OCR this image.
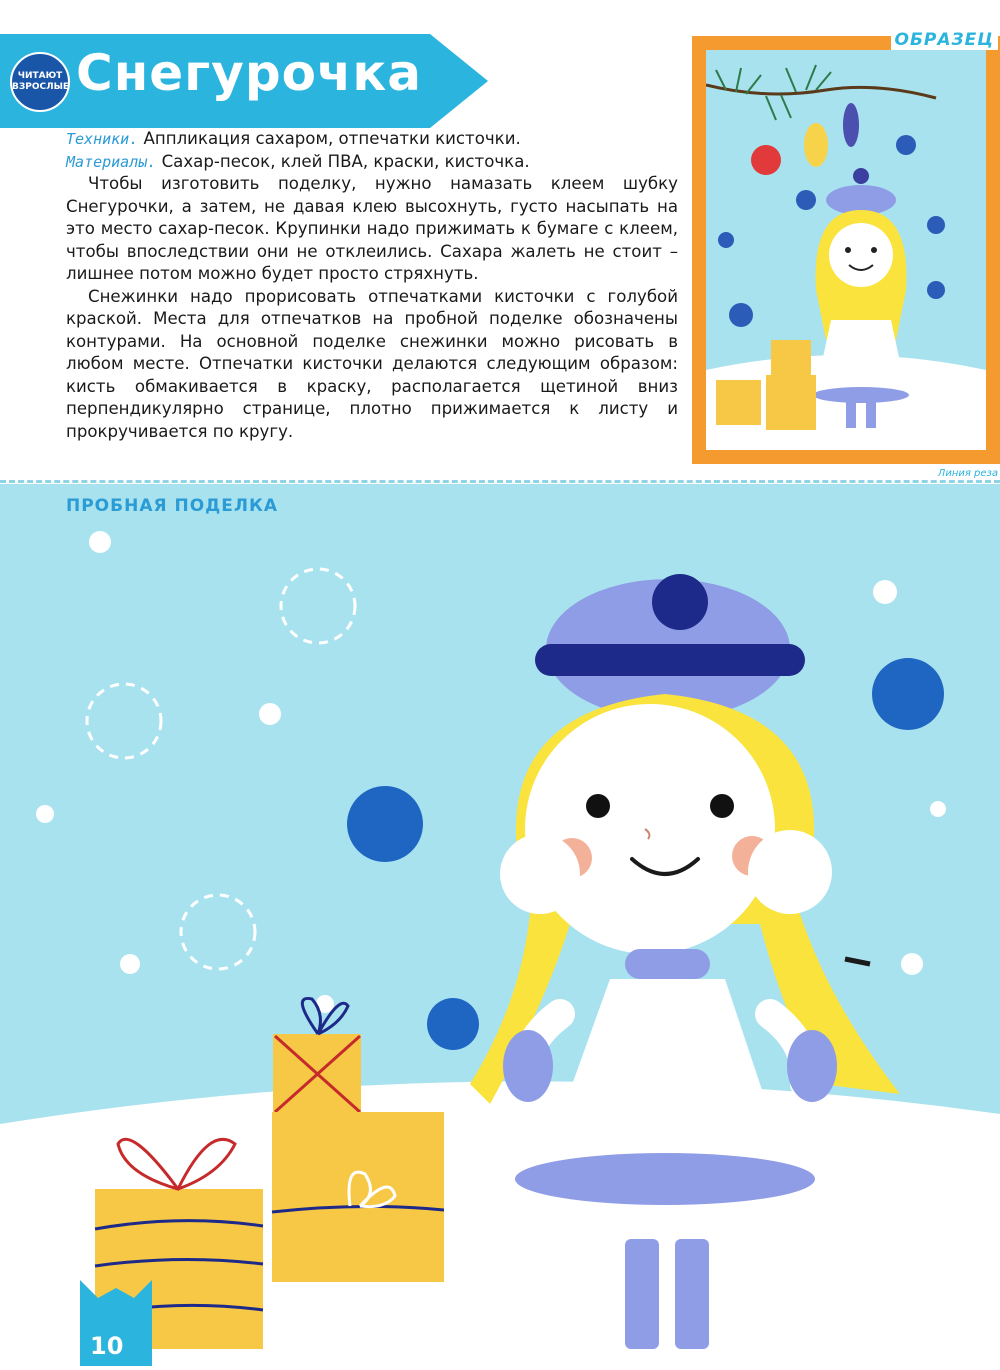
ЧИТАЮТ
ВЗРОСЛЫЕ Снегурочка

Техники. Аппликация сахаром, отпечатки кисточки.

Материалы. Сахар-песок, клей ПВА, краски, кисточка.

Чтобы изготовить поделку, нужно намазать клеем шубку Снегурочки, а затем, не давая клею высохнуть, густо насыпать на это место сахар-песок. Крупинки надо прижимать к бумаге с клеем, чтобы впоследствии они не отклеились. Сахара жалеть не стоит – лишнее потом можно будет просто стряхнуть.

Снежинки надо прорисовать отпечатками кисточки с голубой краской. Места для отпечатков на пробной поделке обозначены контурами. На основной поделке снежинки можно рисовать в любом месте. Отпечатки кисточки делаются следующим образом: кисть обмакивается в краску, располагается щетиной вниз перпендикулярно странице, плотно прижимается к листу и прокручивается по кругу.

ОБРАЗЕЦ
Линия реза
ПРОБНАЯ ПОДЕЛКА
10
